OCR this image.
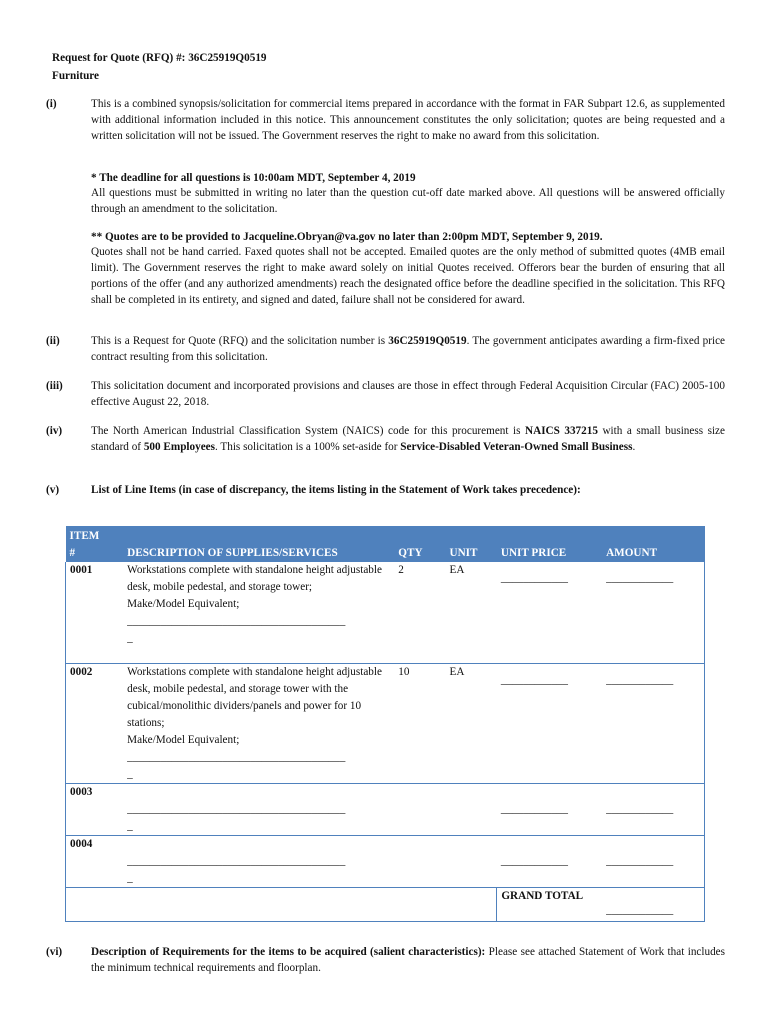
Request for Quote (RFQ) #: 36C25919Q0519
Furniture
(i)	This is a combined synopsis/solicitation for commercial items prepared in accordance with the format in FAR Subpart 12.6, as supplemented with additional information included in this notice. This announcement constitutes the only solicitation; quotes are being requested and a written solicitation will not be issued. The Government reserves the right to make no award from this solicitation.
* The deadline for all questions is 10:00am MDT, September 4, 2019
All questions must be submitted in writing no later than the question cut-off date marked above. All questions will be answered officially through an amendment to the solicitation.
** Quotes are to be provided to Jacqueline.Obryan@va.gov no later than 2:00pm MDT, September 9, 2019.
Quotes shall not be hand carried. Faxed quotes shall not be accepted. Emailed quotes are the only method of submitted quotes (4MB email limit). The Government reserves the right to make award solely on initial Quotes received. Offerors bear the burden of ensuring that all portions of the offer (and any authorized amendments) reach the designated office before the deadline specified in the solicitation. This RFQ shall be completed in its entirety, and signed and dated, failure shall not be considered for award.
(ii)	This is a Request for Quote (RFQ) and the solicitation number is 36C25919Q0519. The government anticipates awarding a firm-fixed price contract resulting from this solicitation.
(iii)	This solicitation document and incorporated provisions and clauses are those in effect through Federal Acquisition Circular (FAC) 2005-100 effective August 22, 2018.
(iv)	The North American Industrial Classification System (NAICS) code for this procurement is NAICS 337215 with a small business size standard of 500 Employees. This solicitation is a 100% set-aside for Service-Disabled Veteran-Owned Small Business.
(v)	List of Line Items (in case of discrepancy, the items listing in the Statement of Work takes precedence):
ITEM
#	DESCRIPTION OF SUPPLIES/SERVICES	QTY	UNIT	UNIT PRICE	AMOUNT
0001	Workstations complete with standalone height adjustable desk, mobile pedestal, and storage tower;
Make/Model Equivalent;
_______________________________________
_	2	EA	____________	____________

0002	Workstations complete with standalone height adjustable desk, mobile pedestal, and storage tower with the cubical/monolithic dividers/panels and power for 10 stations;
Make/Model Equivalent;
_______________________________________
_	10	EA	____________	____________

0003	_______________________________________
_			____________	____________

0004	_______________________________________
_			____________	____________

				GRAND TOTAL	____________
(vi)	Description of Requirements for the items to be acquired (salient characteristics): Please see attached Statement of Work that includes the minimum technical requirements and floorplan.
